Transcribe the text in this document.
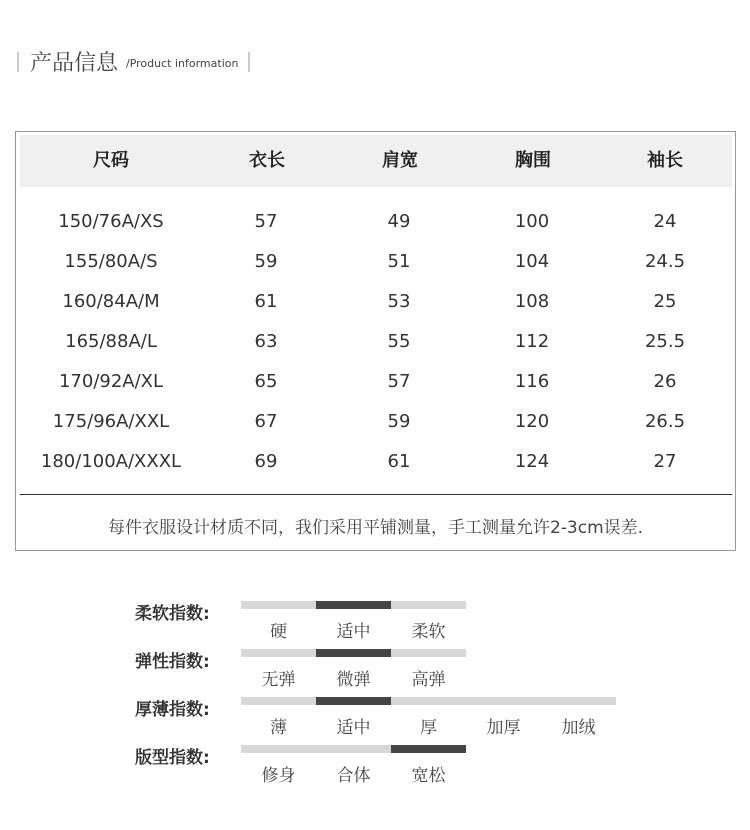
产品信息 /Product information
尺码	衣长	肩宽	胸围	袖长
150/76A/XS	57	49	100	24
155/80A/S	59	51	104	24.5
160/84A/M	61	53	108	25
165/88A/L	63	55	112	25.5
170/92A/XL	65	57	116	26
175/96A/XXL	67	59	120	26.5
180/100A/XXXL	69	61	124	27
每件衣服设计材质不同，我们采用平铺测量，手工测量允许2-3cm误差.
柔软指数:
硬	适中	柔软
弹性指数:
无弹	微弹	高弹
厚薄指数:
薄	适中	厚	加厚	加绒
版型指数:
修身	合体	宽松
